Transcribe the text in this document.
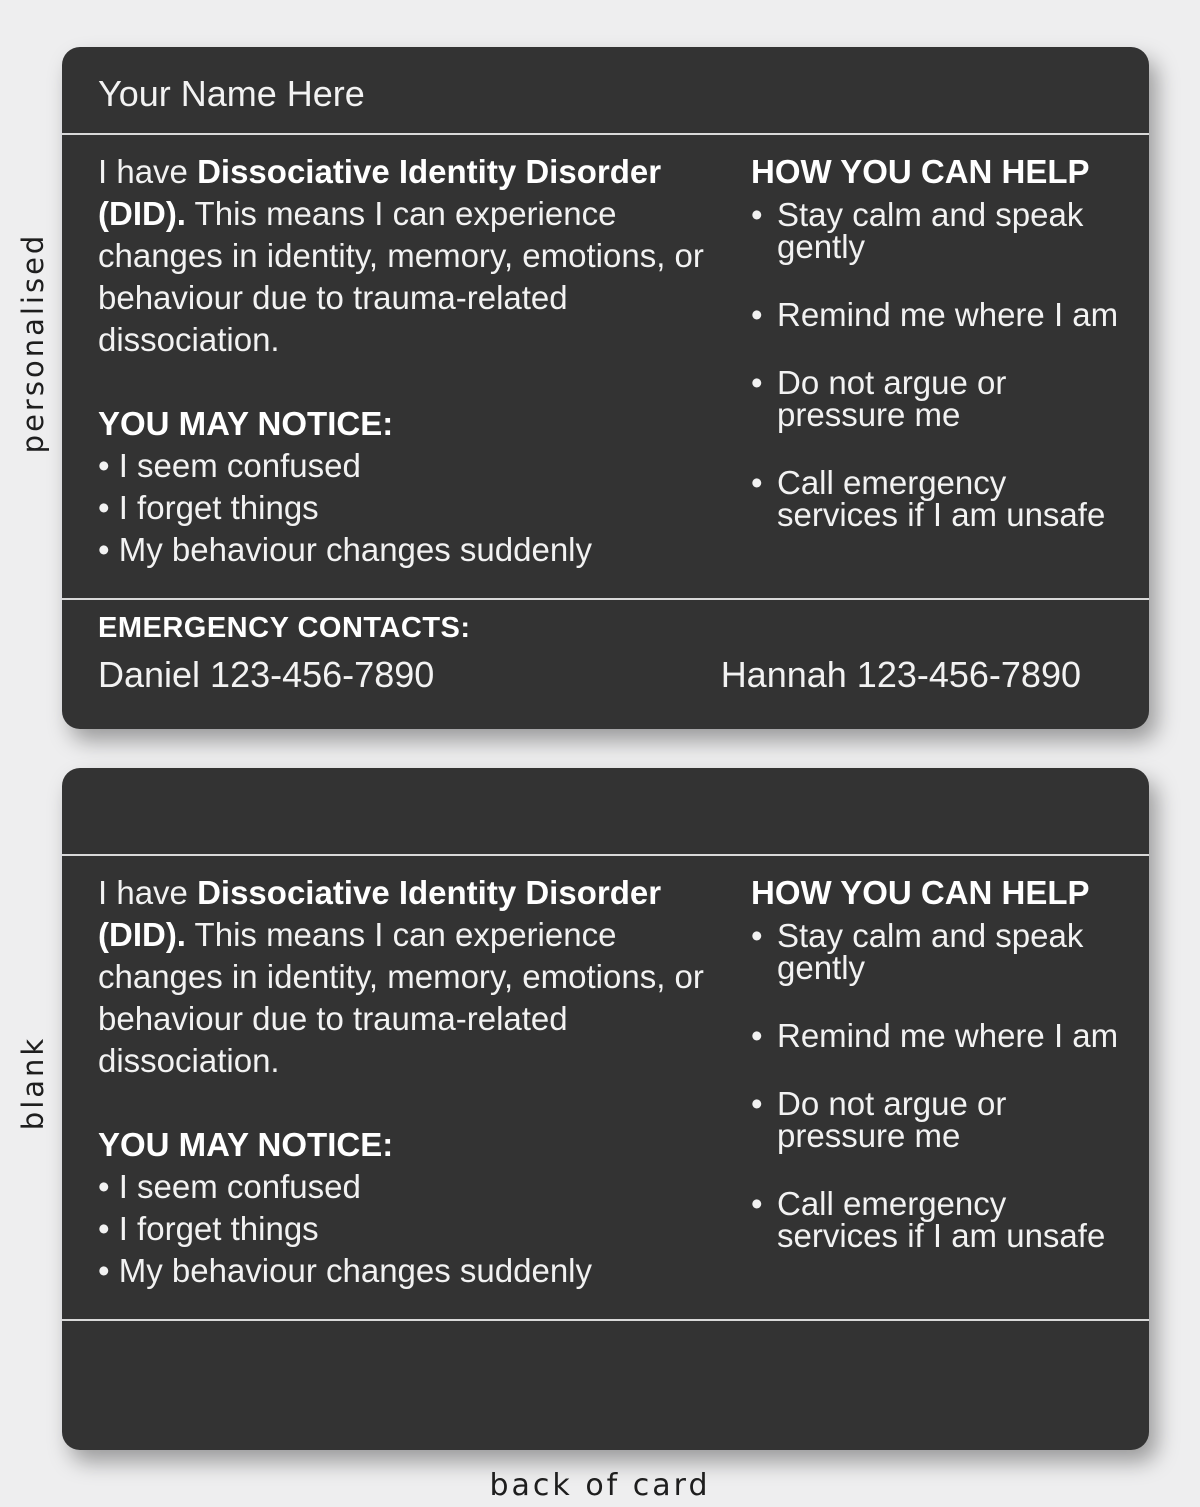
personalised
blank
Your Name Here
I have Dissociative Identity Disorder (DID). This means I can experience changes in identity, memory, emotions, or behaviour due to trauma-related dissociation.
YOU MAY NOTICE:
• I seem confused
• I forget things
• My behaviour changes suddenly
HOW YOU CAN HELP
• Stay calm and speak gently
• Remind me where I am
• Do not argue or pressure me
• Call emergency services if I am unsafe
EMERGENCY CONTACTS:
Daniel 123-456-7890	Hannah 123-456-7890
I have Dissociative Identity Disorder (DID). This means I can experience changes in identity, memory, emotions, or behaviour due to trauma-related dissociation.
YOU MAY NOTICE:
• I seem confused
• I forget things
• My behaviour changes suddenly
HOW YOU CAN HELP
• Stay calm and speak gently
• Remind me where I am
• Do not argue or pressure me
• Call emergency services if I am unsafe
back of card
